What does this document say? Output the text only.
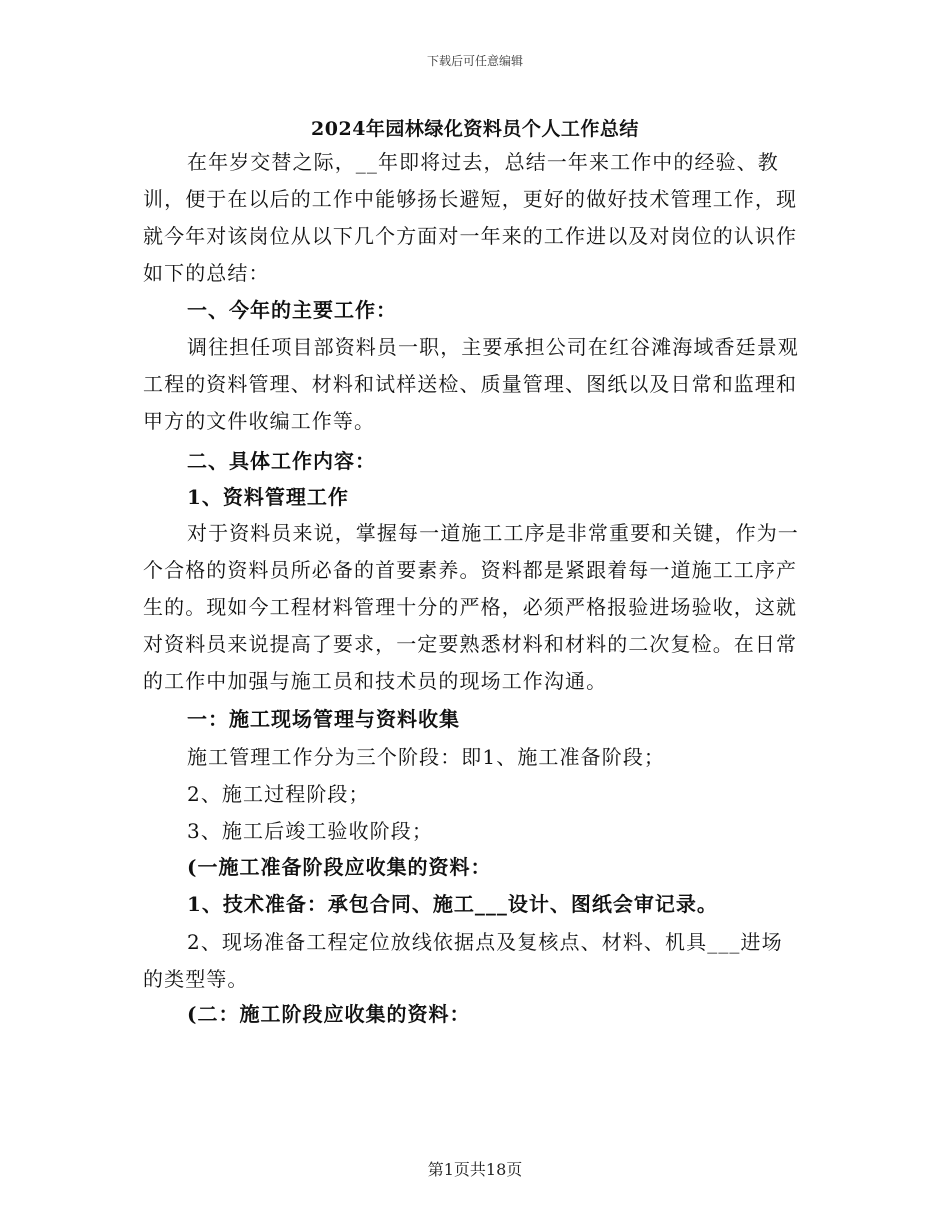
下载后可任意编辑
2024年园林绿化资料员个人工作总结
在年岁交替之际，__年即将过去，总结一年来工作中的经验、教训，便于在以后的工作中能够扬长避短，更好的做好技术管理工作，现就今年对该岗位从以下几个方面对一年来的工作进以及对岗位的认识作如下的总结：
一、今年的主要工作：
调往担任项目部资料员一职，主要承担公司在红谷滩海域香廷景观工程的资料管理、材料和试样送检、质量管理、图纸以及日常和监理和甲方的文件收编工作等。
二、具体工作内容：
1、资料管理工作
对于资料员来说，掌握每一道施工工序是非常重要和关键，作为一个合格的资料员所必备的首要素养。资料都是紧跟着每一道施工工序产生的。现如今工程材料管理十分的严格，必须严格报验进场验收，这就对资料员来说提高了要求，一定要熟悉材料和材料的二次复检。在日常的工作中加强与施工员和技术员的现场工作沟通。
一：施工现场管理与资料收集
施工管理工作分为三个阶段：即1、施工准备阶段；
2、施工过程阶段；
3、施工后竣工验收阶段；
(一施工准备阶段应收集的资料：
1、技术准备：承包合同、施工___设计、图纸会审记录。
2、现场准备工程定位放线依据点及复核点、材料、机具___进场的类型等。
(二：施工阶段应收集的资料：
第1页共18页
